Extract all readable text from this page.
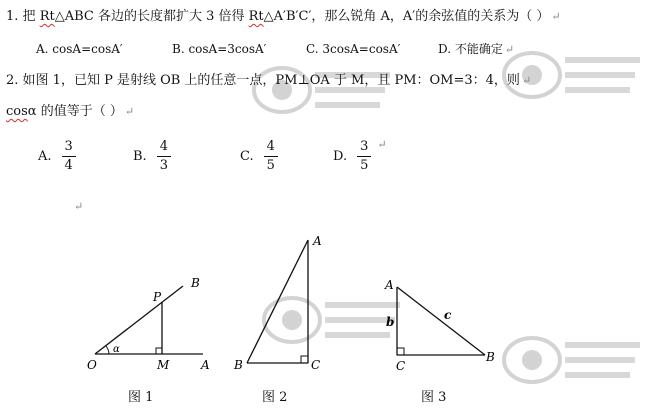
1. 把 Rt△ABC 各边的长度都扩大 3 倍得 Rt△A′B′C′，那么锐角 A，A′的余弦值的关系为（ ） ↵
A. cosA=cosA′	B. cosA=3cosA′	C. 3cosA=cosA′	D. 不能确定 ↵
2. 如图 1，已知 P 是射线 OB 上的任意一点，PM⊥OA 于 M，且 PM：OM=3：4，则 ↵
cosα 的值等于（ ） ↵
A. $\frac{3}{4}$	B. $\frac{4}{3}$	C. $\frac{4}{5}$	D. $\frac{3}{5}$ ↵
↵
O	M	A
P
B
α
A
B	C
A
C
B
b	c
图 1	图 2	图 3
